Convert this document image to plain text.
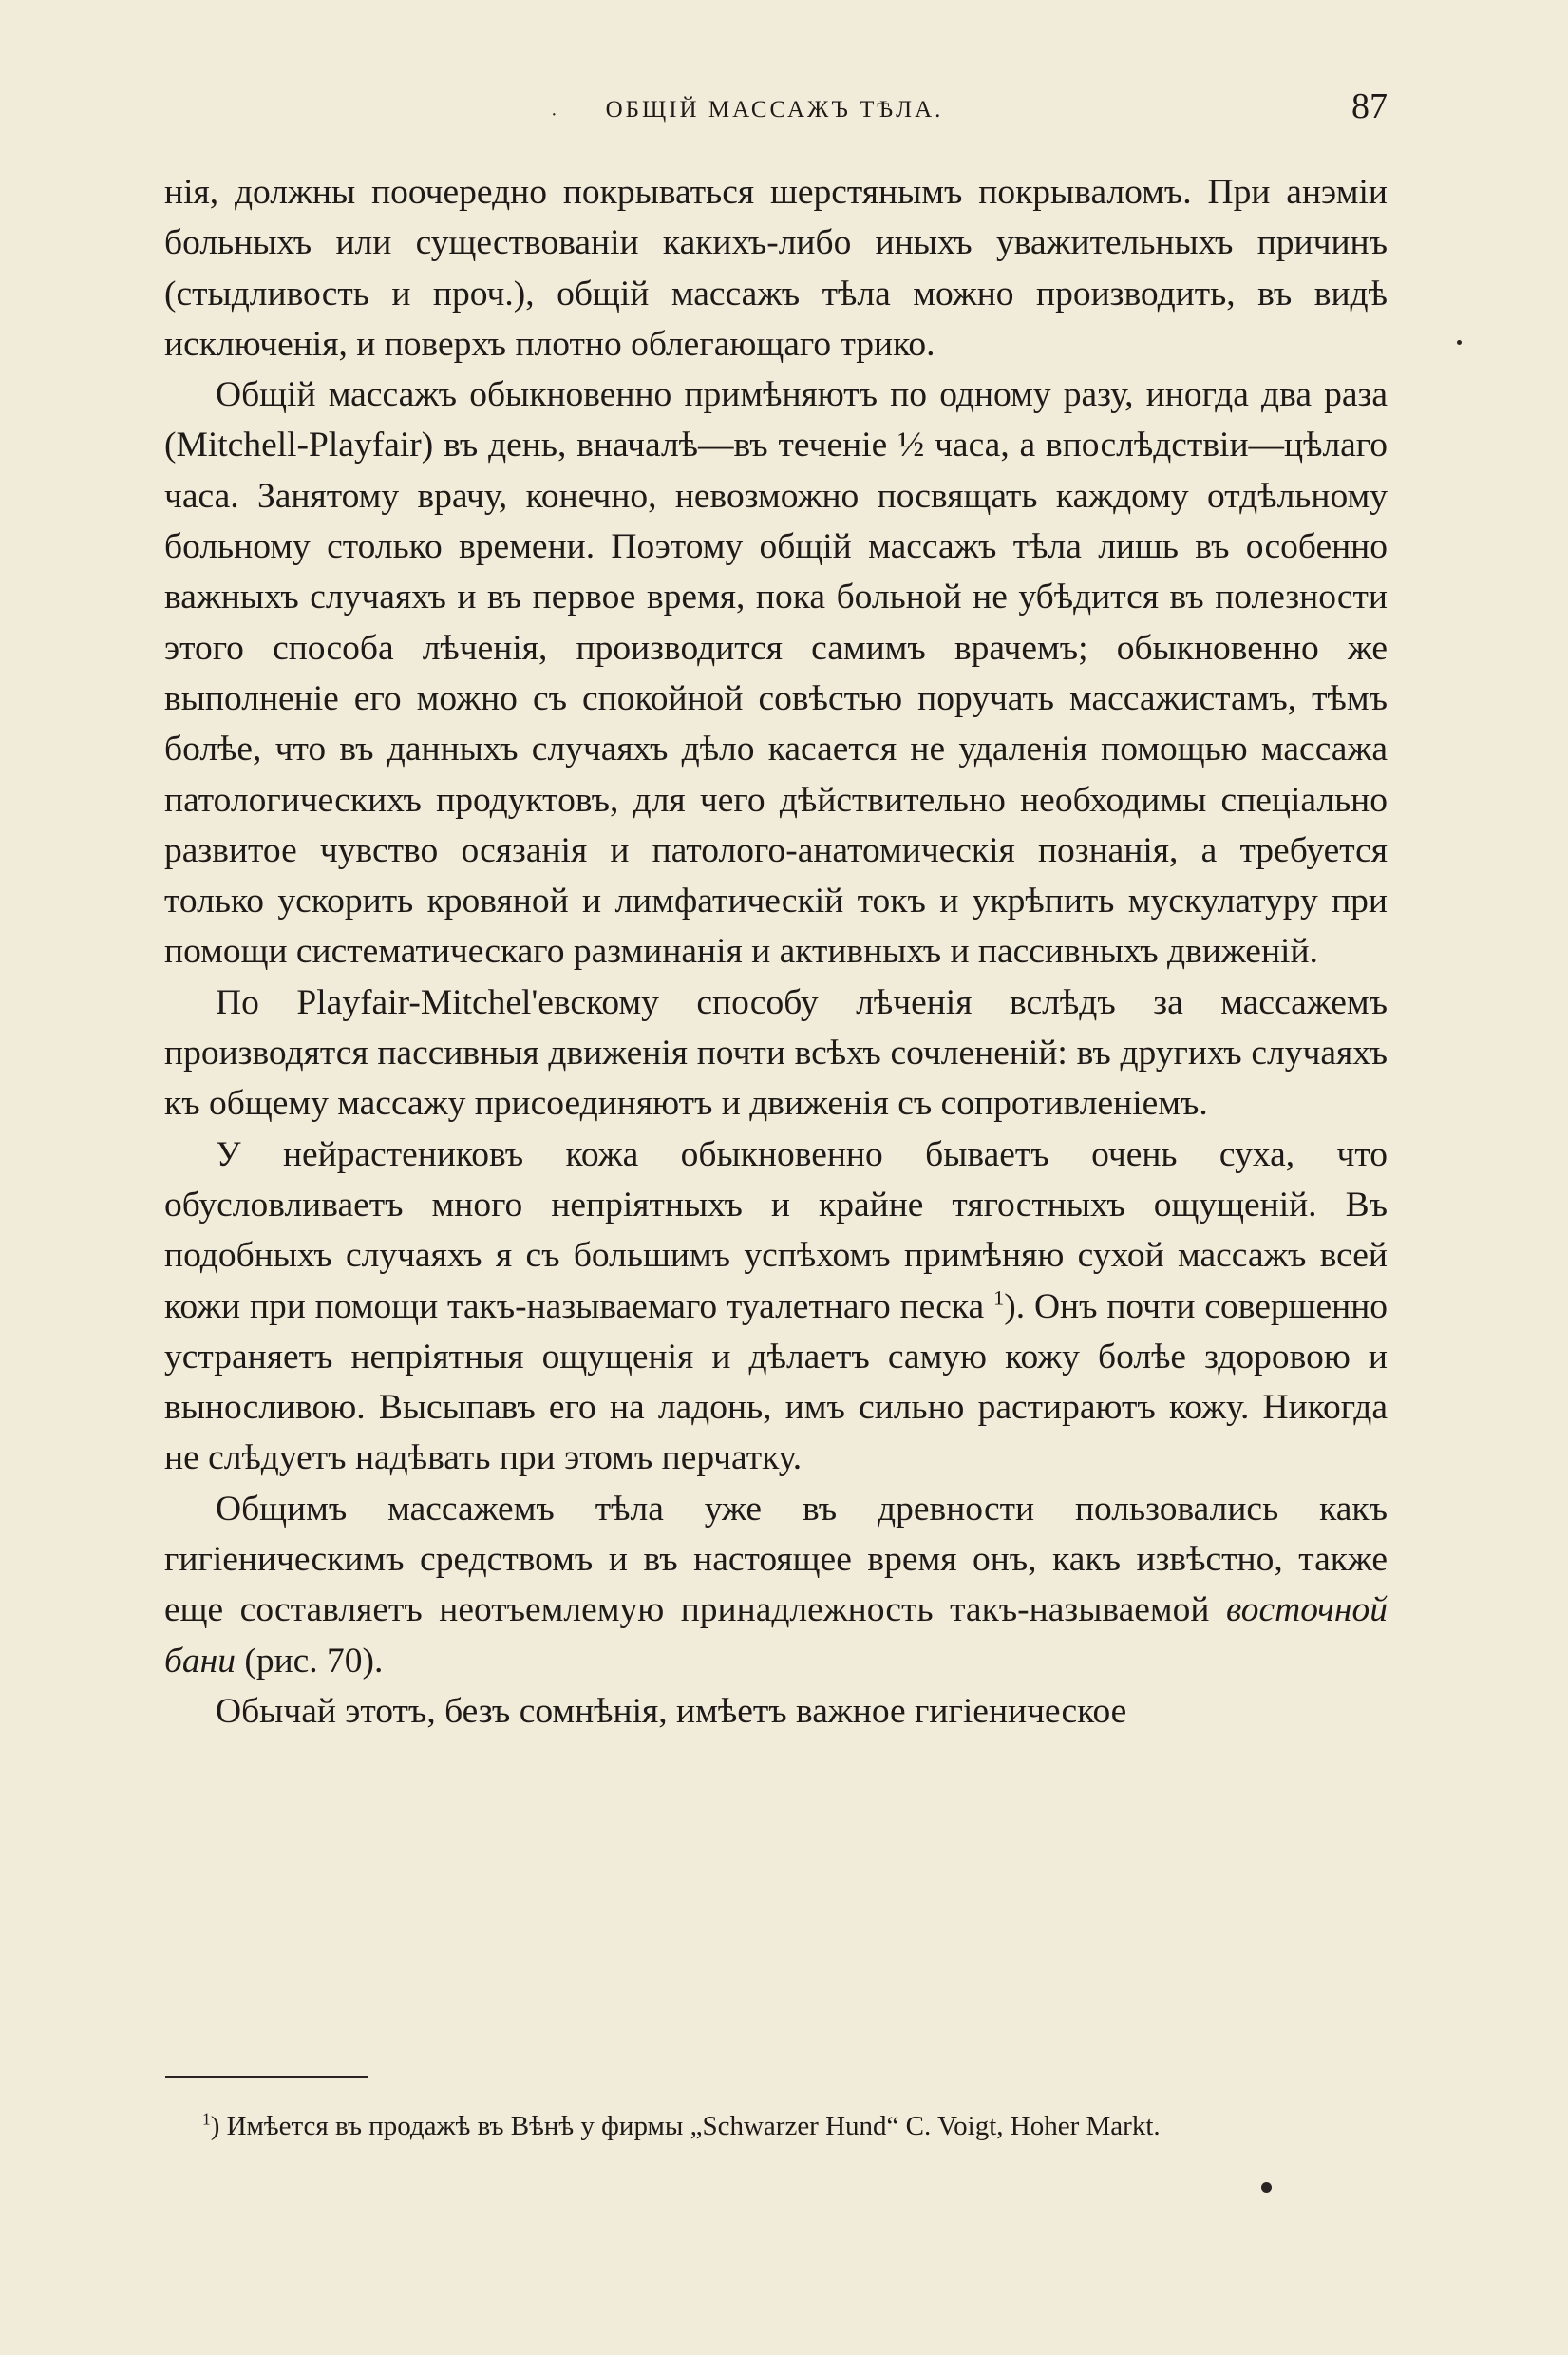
·	ОБЩІЙ МАССАЖЪ ТѢЛА.	87

нія, должны поочередно покрываться шерстянымъ покрываломъ. При анэміи больныхъ или существованіи какихъ-либо иныхъ уважительныхъ причинъ (стыдливость и проч.), общій массажъ тѣла можно производить, въ видѣ исключенія, и поверхъ плотно облегающаго трико.

Общій массажъ обыкновенно примѣняютъ по одному разу, иногда два раза (Mitchell-Playfair) въ день, вначалѣ—въ теченіе ½ часа, а впослѣдствіи—цѣлаго часа. Занятому врачу, конечно, невозможно посвящать каждому отдѣльному больному столько времени. Поэтому общій массажъ тѣла лишь въ особенно важныхъ случаяхъ и въ первое время, пока больной не убѣдится въ полезности этого способа лѣченія, производится самимъ врачемъ; обыкновенно же выполненіе его можно съ спокойной совѣстью поручать массажистамъ, тѣмъ болѣе, что въ данныхъ случаяхъ дѣло касается не удаленія помощью массажа патологическихъ продуктовъ, для чего дѣйствительно необходимы спеціально развитое чувство осязанія и патолого-анатомическія познанія, а требуется только ускорить кровяной и лимфатическій токъ и укрѣпить мускулатуру при помощи систематическаго разминанія и активныхъ и пассивныхъ движеній.

По Playfair-Mitchel'евскому способу лѣченія вслѣдъ за массажемъ производятся пассивныя движенія почти всѣхъ сочлененій: въ другихъ случаяхъ къ общему массажу присоединяютъ и движенія съ сопротивленіемъ.

У нейрастениковъ кожа обыкновенно бываетъ очень суха, что обусловливаетъ много непріятныхъ и крайне тягостныхъ ощущеній. Въ подобныхъ случаяхъ я съ большимъ успѣхомъ примѣняю сухой массажъ всей кожи при помощи такъ-называемаго туалетнаго песка $^1$). Онъ почти совершенно устраняетъ непріятныя ощущенія и дѣлаетъ самую кожу болѣе здоровою и выносливою. Высыпавъ его на ладонь, имъ сильно растираютъ кожу. Никогда не слѣдуетъ надѣвать при этомъ перчатку.

Общимъ массажемъ тѣла уже въ древности пользовались какъ гигіеническимъ средствомъ и въ настоящее время онъ, какъ извѣстно, также еще составляетъ неотъемлемую принадлежность такъ-называемой восточной бани (рис. 70).

Обычай этотъ, безъ сомнѣнія, имѣетъ важное гигіеническое

$^1$) Имѣется въ продажѣ въ Вѣнѣ у фирмы „Schwarzer Hund“ C. Voigt, Hoher Markt.
